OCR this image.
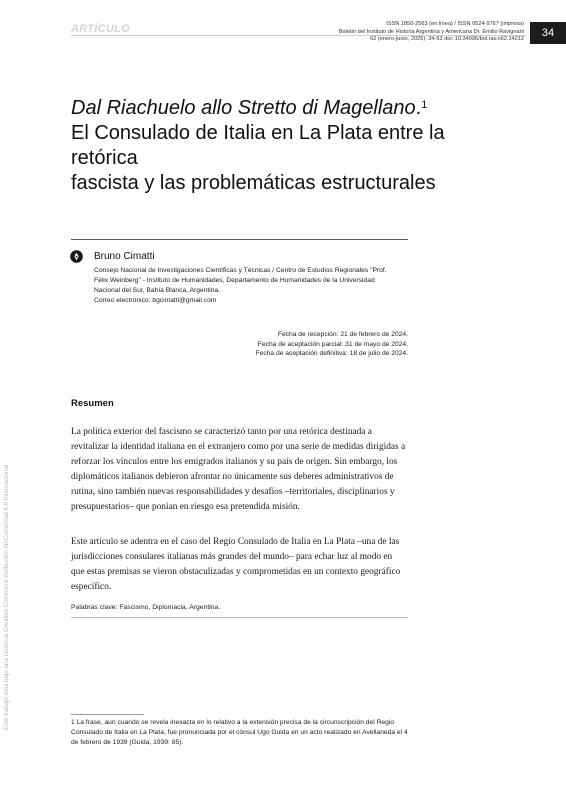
ARTÍCULO	ISSN 1850-2563 (en línea) / ISSN 0524-9767 (impresa)
Boletín del Instituto de Historia Argentina y Americana Dr. Emilio Ravignani
62 (enero-junio, 2025): 34-53 doi: 10.34096/bol.rav.n62.14212	34
Dal Riachuelo allo Stretto di Magellano.$^1$
El Consulado de Italia en La Plata entre la retórica
fascista y las problemáticas estructurales
Bruno Cimatti
Consejo Nacional de Investigaciones Científicas y Técnicas / Centro de Estudios Regionales "Prof.
Félix Weinberg" - Instituto de Humanidades, Departamento de Humanidades de la Universidad
Nacional del Sur, Bahía Blanca, Argentina.
Correo electrónico: bgcimatti@gmail.com
Fecha de recepción: 21 de febrero de 2024.
Fecha de aceptación parcial: 31 de mayo de 2024.
Fecha de aceptación definitiva: 18 de julio de 2024.
Resumen
La política exterior del fascismo se caracterizó tanto por una retórica destinada a revitalizar la identidad italiana en el extranjero como por una serie de medidas dirigidas a reforzar los vínculos entre los emigrados italianos y su país de origen. Sin embargo, los diplomáticos italianos debieron afrontar no únicamente sus deberes administrativos de rutina, sino también nuevas responsabilidades y desafíos –territoriales, disciplinarios y presupuestarios– que ponían en riesgo esa pretendida misión.
Este artículo se adentra en el caso del Regio Consulado de Italia en La Plata –una de las jurisdicciones consulares italianas más grandes del mundo– para echar luz al modo en que estas premisas se vieron obstaculizadas y comprometidas en un contexto geográfico específico.
Palabras clave: Fascismo, Diplomacia, Argentina.
1 La frase, aun cuando se revela inexacta en lo relativo a la extensión precisa de la circunscripción del Regio Consulado de Italia en La Plata, fue pronunciada por el cónsul Ugo Guida en un acto realizado en Avellaneda el 4 de febrero de 1939 (Guida, 1939: 85).
Este trabajo está bajo una Licencia Creative Commons Atribución-NoComercial 4.0 Internacional
